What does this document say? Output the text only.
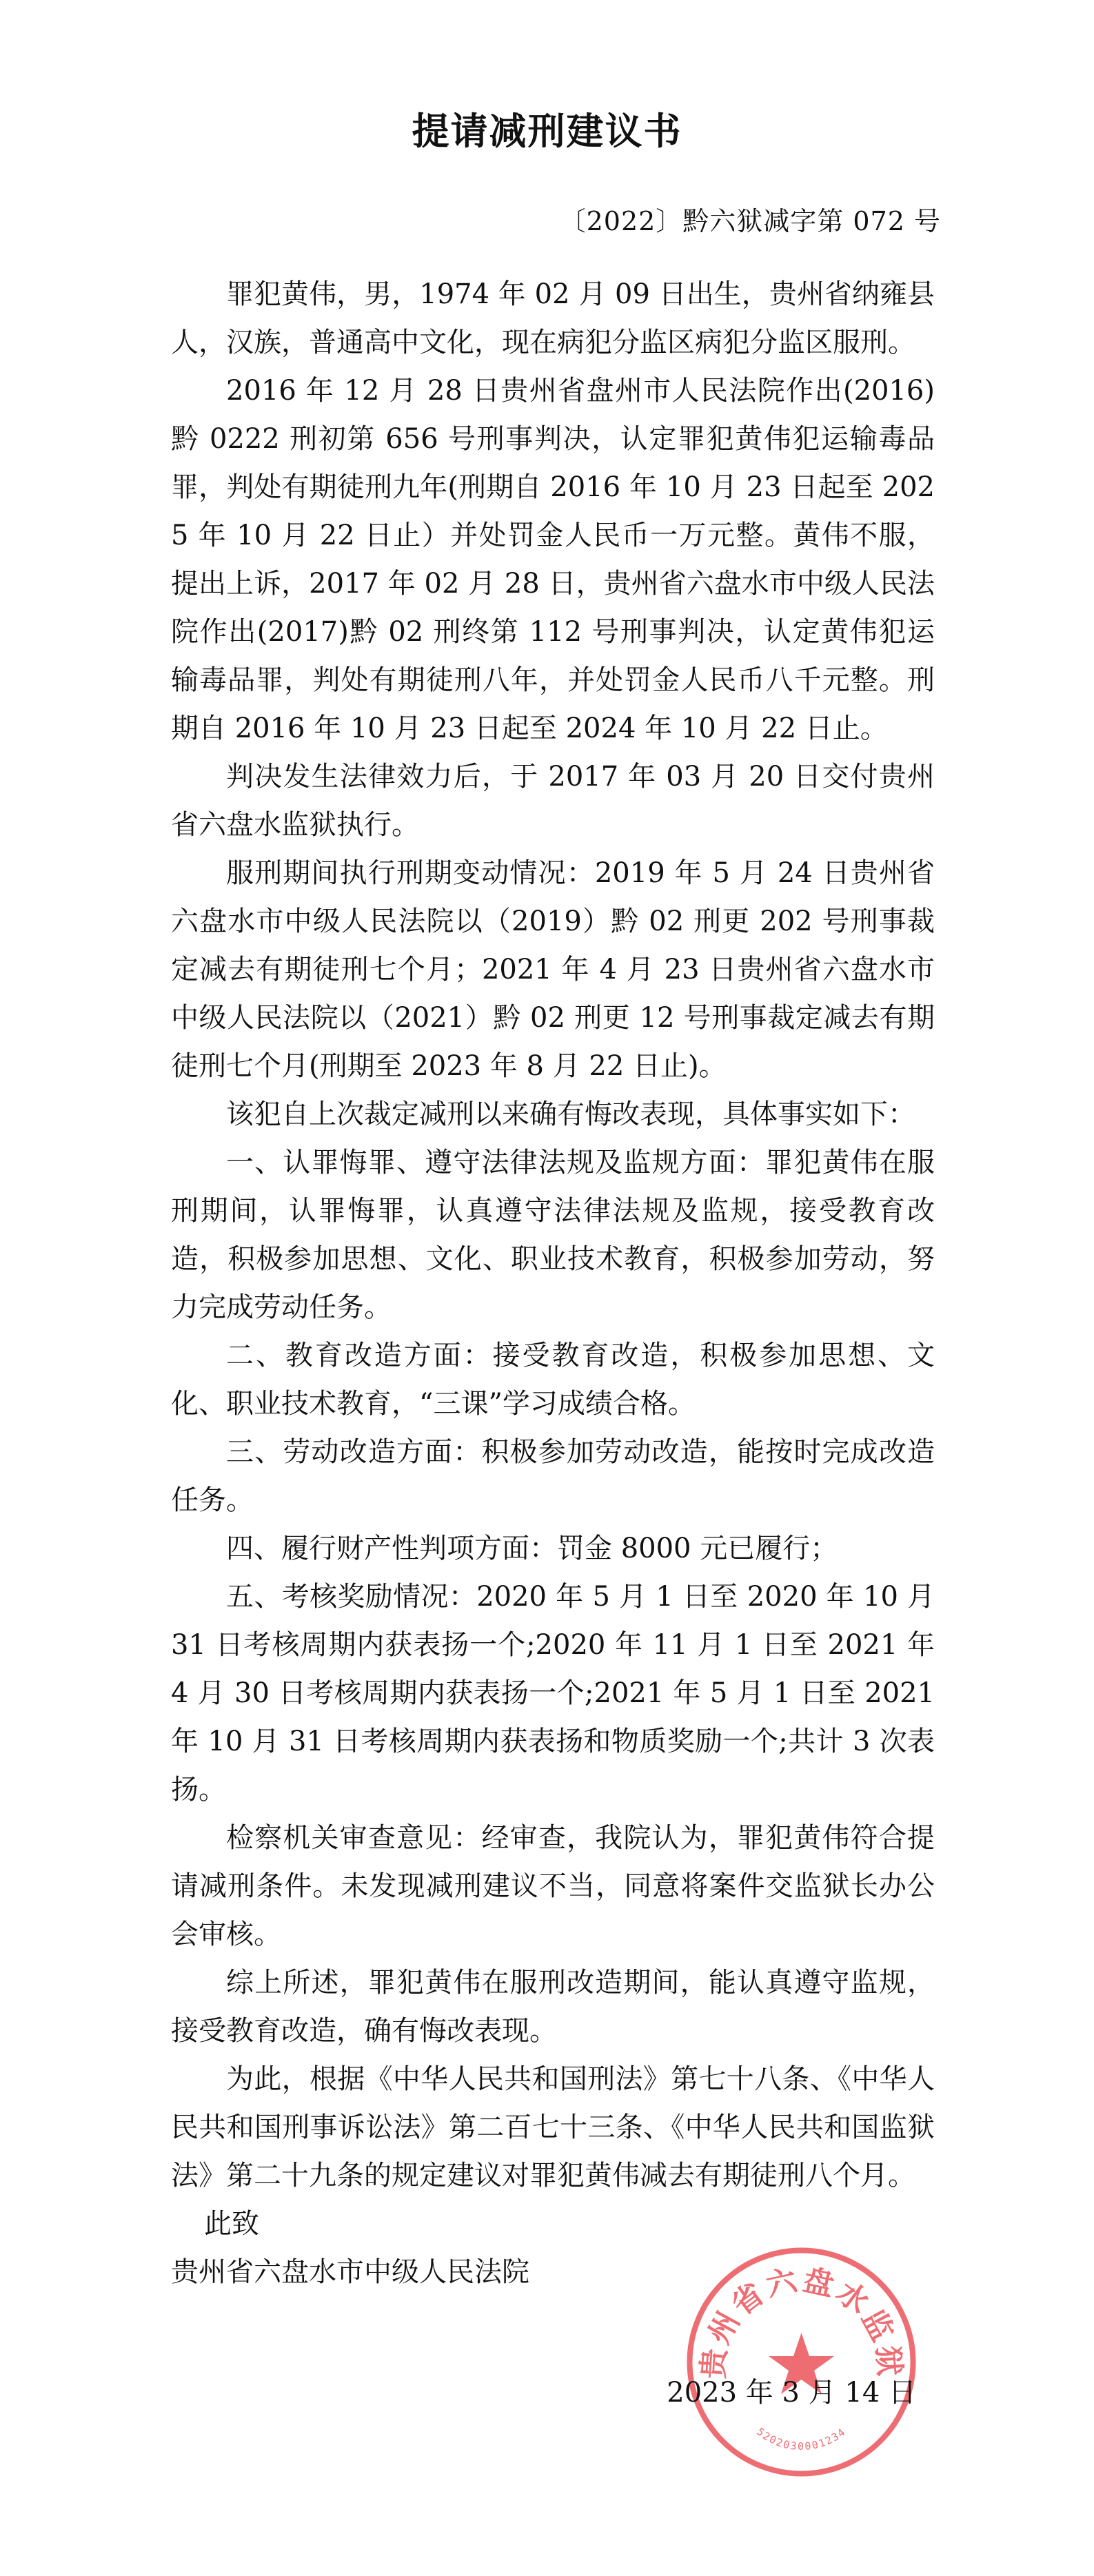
提请减刑建议书
〔2022〕黔六狱减字第 072 号

罪犯黄伟，男，1974 年 02 月 09 日出生，贵州省纳雍县人，汉族，普通高中文化，现在病犯分监区病犯分监区服刑。

2016 年 12 月 28 日贵州省盘州市人民法院作出(2016)黔 0222 刑初第 656 号刑事判决，认定罪犯黄伟犯运输毒品罪，判处有期徒刑九年(刑期自 2016 年 10 月 23 日起至 2025 年 10 月 22 日止）并处罚金人民币一万元整。黄伟不服，提出上诉，2017 年 02 月 28 日，贵州省六盘水市中级人民法院作出(2017)黔 02 刑终第 112 号刑事判决，认定黄伟犯运输毒品罪，判处有期徒刑八年，并处罚金人民币八千元整。刑期自 2016 年 10 月 23 日起至 2024 年 10 月 22 日止。

判决发生法律效力后，于 2017 年 03 月 20 日交付贵州省六盘水监狱执行。

服刑期间执行刑期变动情况：2019 年 5 月 24 日贵州省六盘水市中级人民法院以（2019）黔 02 刑更 202 号刑事裁定减去有期徒刑七个月；2021 年 4 月 23 日贵州省六盘水市中级人民法院以（2021）黔 02 刑更 12 号刑事裁定减去有期徒刑七个月(刑期至 2023 年 8 月 22 日止)。

该犯自上次裁定减刑以来确有悔改表现，具体事实如下：

一、认罪悔罪、遵守法律法规及监规方面：罪犯黄伟在服刑期间，认罪悔罪，认真遵守法律法规及监规，接受教育改造，积极参加思想、文化、职业技术教育，积极参加劳动，努力完成劳动任务。

二、教育改造方面：接受教育改造，积极参加思想、文化、职业技术教育，“三课”学习成绩合格。

三、劳动改造方面：积极参加劳动改造，能按时完成改造任务。

四、履行财产性判项方面：罚金 8000 元已履行；

五、考核奖励情况：2020 年 5 月 1 日至 2020 年 10 月 31 日考核周期内获表扬一个;2020 年 11 月 1 日至 2021 年 4 月 30 日考核周期内获表扬一个;2021 年 5 月 1 日至 2021 年 10 月 31 日考核周期内获表扬和物质奖励一个;共计 3 次表扬。

检察机关审查意见：经审查，我院认为，罪犯黄伟符合提请减刑条件。未发现减刑建议不当，同意将案件交监狱长办公会审核。

综上所述，罪犯黄伟在服刑改造期间，能认真遵守监规，接受教育改造，确有悔改表现。

为此，根据《中华人民共和国刑法》第七十八条、《中华人民共和国刑事诉讼法》第二百七十三条、《中华人民共和国监狱法》第二十九条的规定建议对罪犯黄伟减去有期徒刑八个月。

此致

贵州省六盘水市中级人民法院

贵州省六盘水监狱
5202030001234
2023 年 3 月 14 日
